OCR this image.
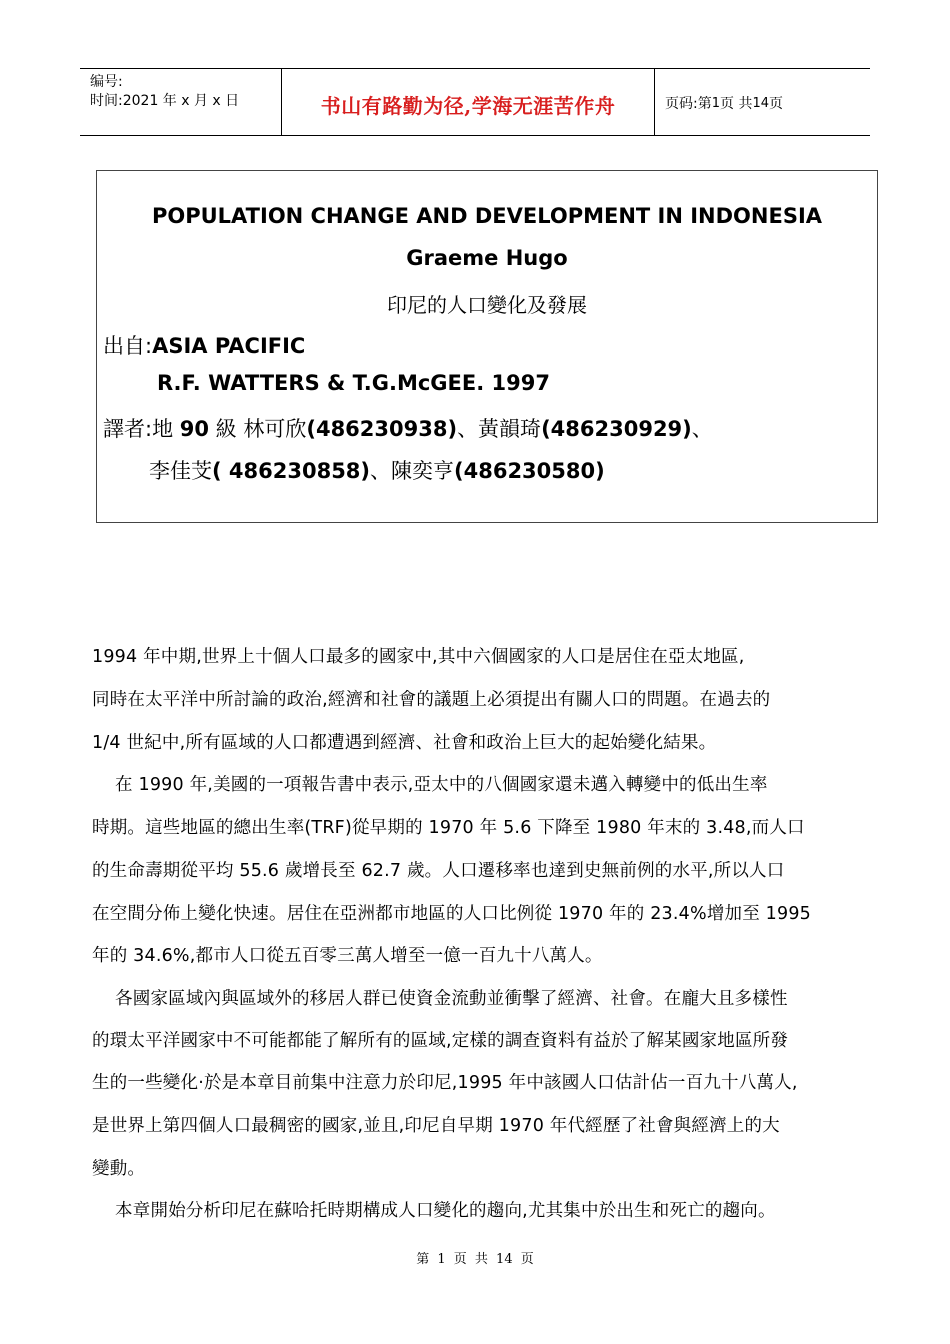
编号:
时间:2021 年 x 月 x 日	书山有路勤为径,学海无涯苦作舟	页码:第 1 页 共 14 页
POPULATION CHANGE AND DEVELOPMENT IN INDONESIA
Graeme Hugo
印尼的人口變化及發展
出自:ASIA PACIFIC
R.F. WATTERS & T.G.McGEE. 1997
譯者:地 90 級 林可欣(486230938)、黃韻琦(486230929)、
李佳芠( 486230858)、陳奕亨(486230580)
1994 年中期,世界上十個人口最多的國家中,其中六個國家的人口是居住在亞太地區,
同時在太平洋中所討論的政治,經濟和社會的議題上必須提出有關人口的問題。在過去的
1/4 世紀中,所有區域的人口都遭遇到經濟、社會和政治上巨大的起始變化結果。
在 1990 年,美國的一項報告書中表示,亞太中的八個國家還未邁入轉變中的低出生率
時期。這些地區的總出生率(TRF)從早期的 1970 年 5.6 下降至 1980 年末的 3.48,而人口
的生命壽期從平均 55.6 歲增長至 62.7 歲。人口遷移率也達到史無前例的水平,所以人口
在空間分佈上變化快速。居住在亞洲都市地區的人口比例從 1970 年的 23.4%增加至 1995
年的 34.6%,都市人口從五百零三萬人增至一億一百九十八萬人。
各國家區域內與區域外的移居人群已使資金流動並衝擊了經濟、社會。在龐大且多樣性
的環太平洋國家中不可能都能了解所有的區域,定樣的調查資料有益於了解某國家地區所發
生的一些變化·於是本章目前集中注意力於印尼,1995 年中該國人口估計佔一百九十八萬人,
是世界上第四個人口最稠密的國家,並且,印尼自早期 1970 年代經歷了社會與經濟上的大
變動。
本章開始分析印尼在蘇哈托時期構成人口變化的趨向,尤其集中於出生和死亡的趨向。
第 1 页 共 14 页
